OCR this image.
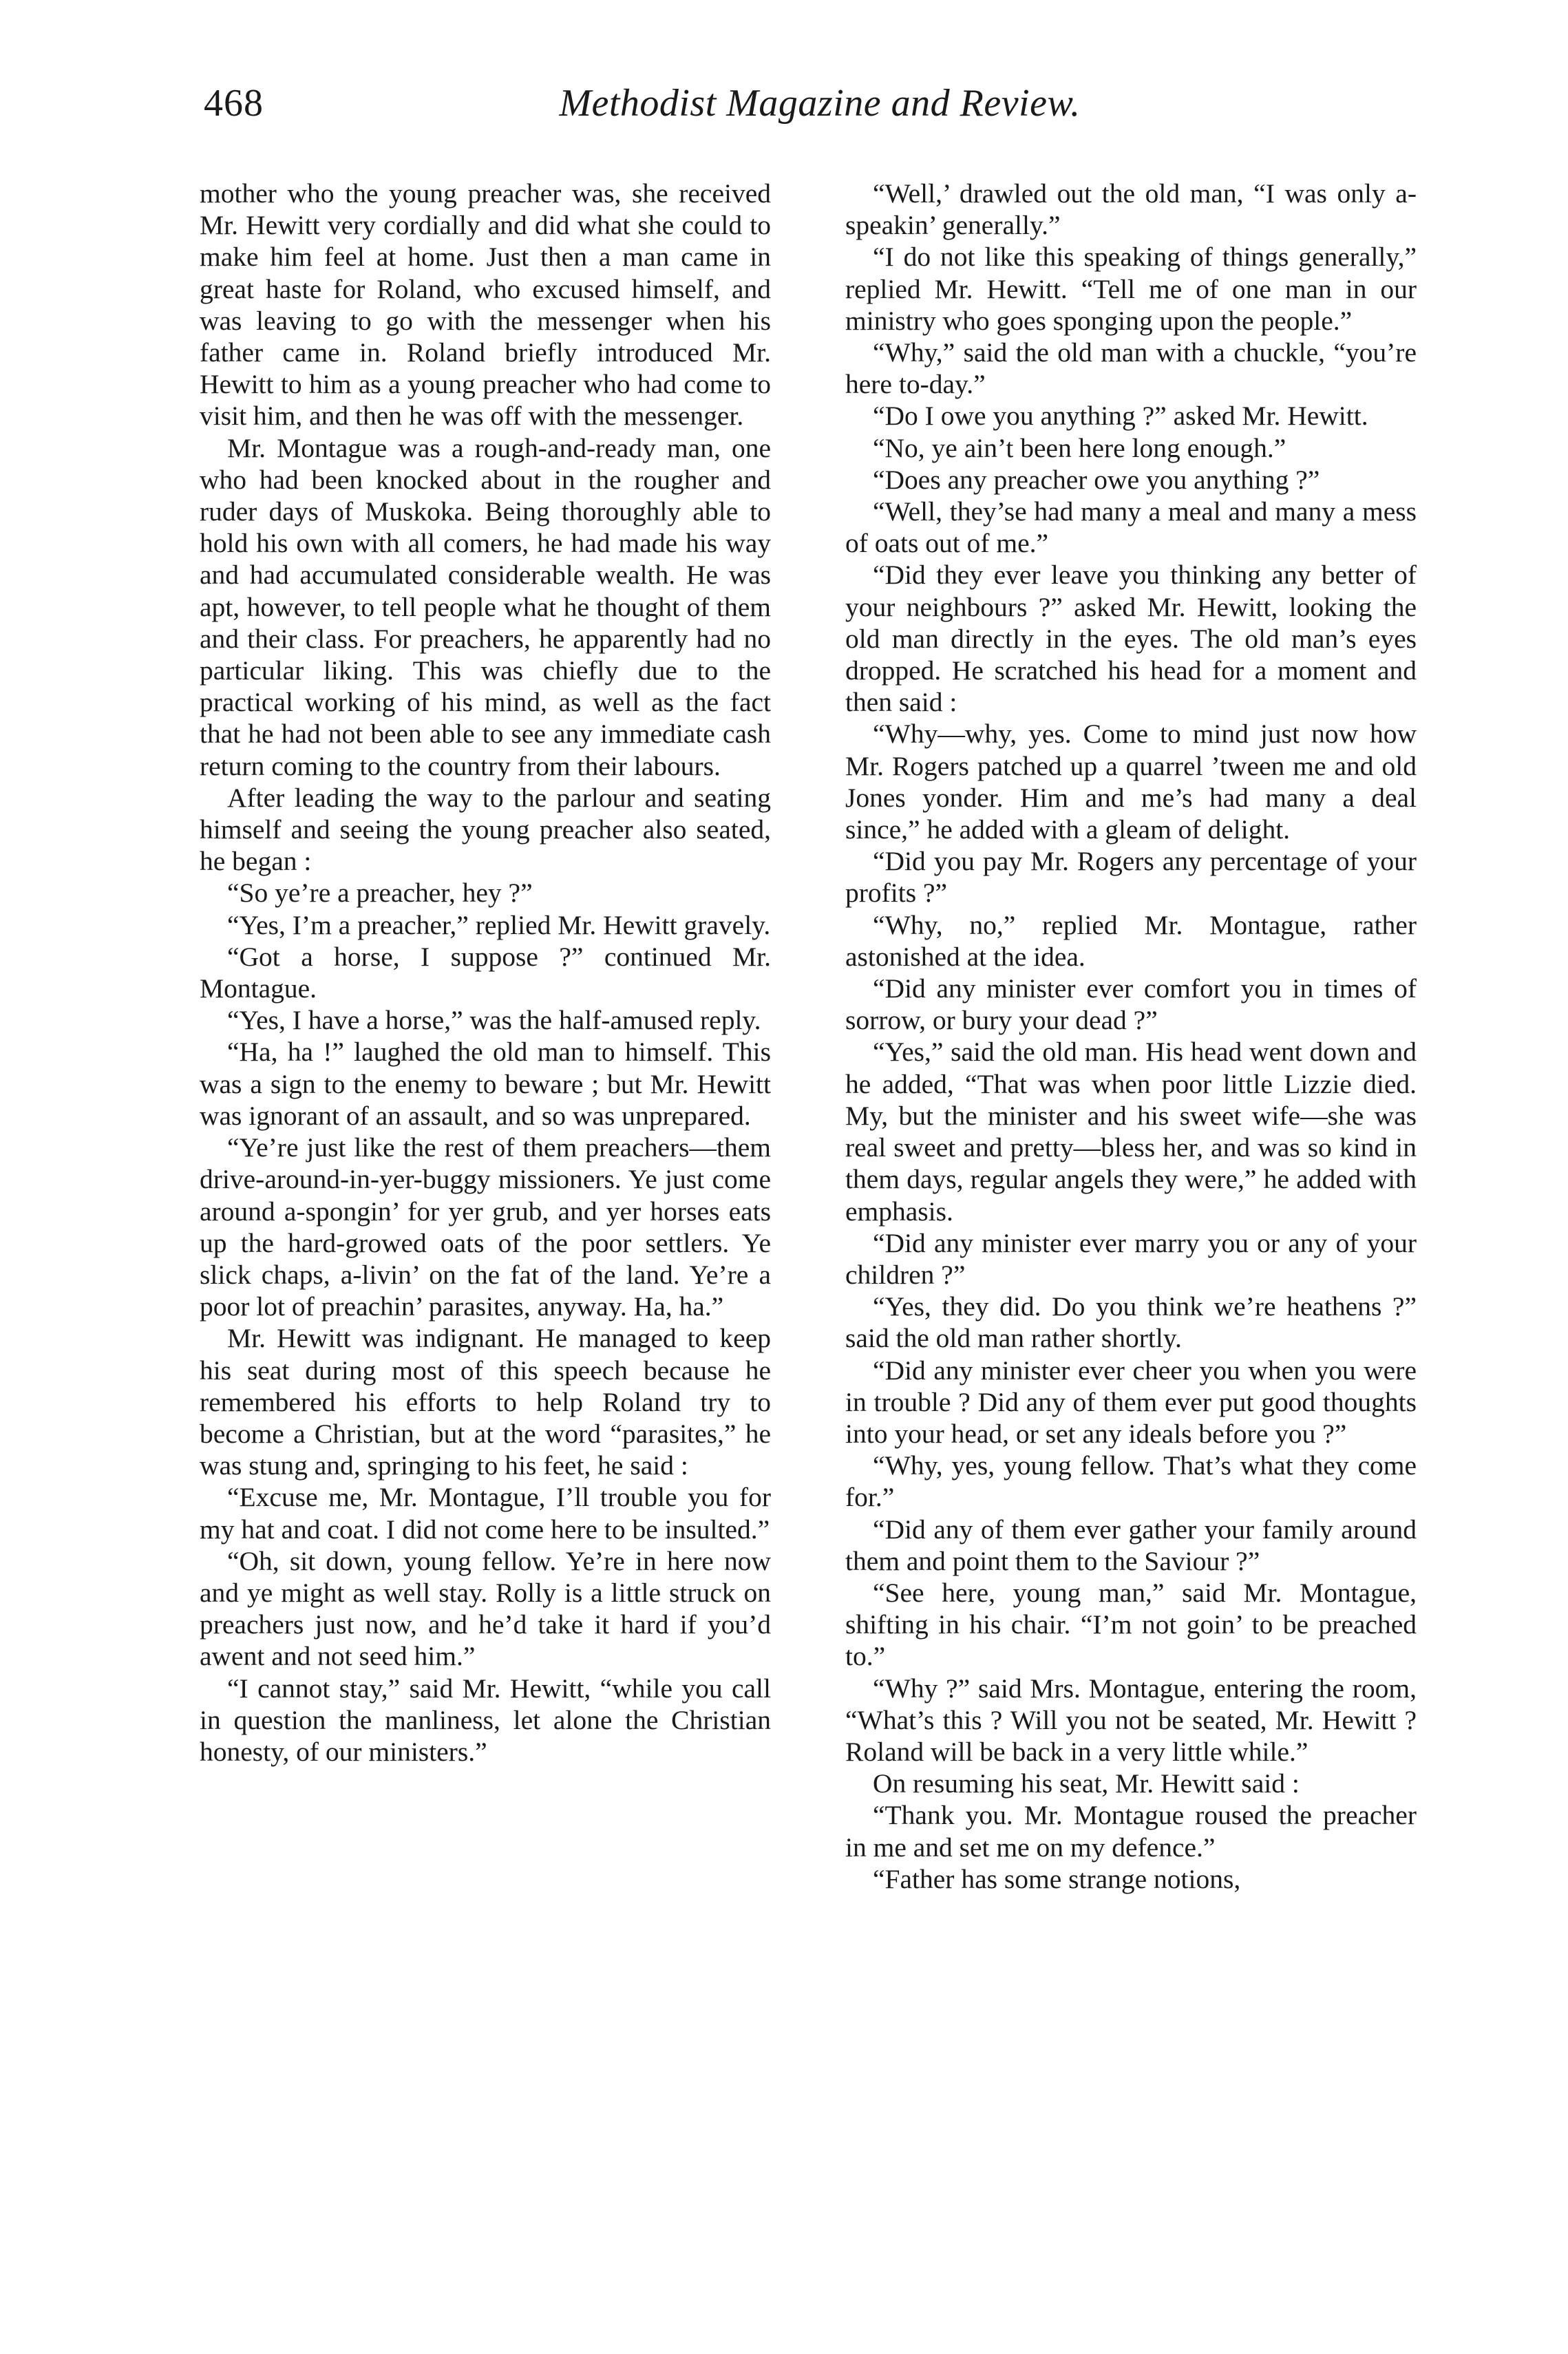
468	Methodist Magazine and Review.

mother who the young preacher was, she received Mr. Hewitt very cordially and did what she could to make him feel at home. Just then a man came in great haste for Roland, who excused himself, and was leaving to go with the messenger when his father came in. Roland briefly introduced Mr. Hewitt to him as a young preacher who had come to visit him, and then he was off with the messenger.

Mr. Montague was a rough-and-ready man, one who had been knocked about in the rougher and ruder days of Muskoka. Being thoroughly able to hold his own with all comers, he had made his way and had accumulated considerable wealth. He was apt, however, to tell people what he thought of them and their class. For preachers, he apparently had no particular liking. This was chiefly due to the practical working of his mind, as well as the fact that he had not been able to see any immediate cash return coming to the country from their labours.

After leading the way to the parlour and seating himself and seeing the young preacher also seated, he began :

“So ye’re a preacher, hey ?”

“Yes, I’m a preacher,” replied Mr. Hewitt gravely.

“Got a horse, I suppose ?” continued Mr. Montague.

“Yes, I have a horse,” was the half-amused reply.

“Ha, ha !” laughed the old man to himself. This was a sign to the enemy to beware ; but Mr. Hewitt was ignorant of an assault, and so was unprepared.

“Ye’re just like the rest of them preachers—them drive-around-in-yer-buggy missioners. Ye just come around a-spongin’ for yer grub, and yer horses eats up the hard-growed oats of the poor settlers. Ye slick chaps, a-livin’ on the fat of the land. Ye’re a poor lot of preachin’ parasites, anyway. Ha, ha.”

Mr. Hewitt was indignant. He managed to keep his seat during most of this speech because he remembered his efforts to help Roland try to become a Christian, but at the word “parasites,” he was stung and, springing to his feet, he said :

“Excuse me, Mr. Montague, I’ll trouble you for my hat and coat. I did not come here to be insulted.”

“Oh, sit down, young fellow. Ye’re in here now and ye might as well stay. Rolly is a little struck on preachers just now, and he’d take it hard if you’d awent and not seed him.”

“I cannot stay,” said Mr. Hewitt, “while you call in question the manliness, let alone the Christian honesty, of our ministers.”

“Well,’ drawled out the old man, “I was only a-speakin’ generally.”

“I do not like this speaking of things generally,” replied Mr. Hewitt. “Tell me of one man in our ministry who goes sponging upon the people.”

“Why,” said the old man with a chuckle, “you’re here to-day.”

“Do I owe you anything ?” asked Mr. Hewitt.

“No, ye ain’t been here long enough.”

“Does any preacher owe you anything ?”

“Well, they’se had many a meal and many a mess of oats out of me.”

“Did they ever leave you thinking any better of your neighbours ?” asked Mr. Hewitt, looking the old man directly in the eyes. The old man’s eyes dropped. He scratched his head for a moment and then said :

“Why—why, yes. Come to mind just now how Mr. Rogers patched up a quarrel ’tween me and old Jones yonder. Him and me’s had many a deal since,” he added with a gleam of delight.

“Did you pay Mr. Rogers any percentage of your profits ?”

“Why, no,” replied Mr. Montague, rather astonished at the idea.

“Did any minister ever comfort you in times of sorrow, or bury your dead ?”

“Yes,” said the old man. His head went down and he added, “That was when poor little Lizzie died. My, but the minister and his sweet wife—she was real sweet and pretty—bless her, and was so kind in them days, regular angels they were,” he added with emphasis.

“Did any minister ever marry you or any of your children ?”

“Yes, they did. Do you think we’re heathens ?” said the old man rather shortly.

“Did any minister ever cheer you when you were in trouble ? Did any of them ever put good thoughts into your head, or set any ideals before you ?”

“Why, yes, young fellow. That’s what they come for.”

“Did any of them ever gather your family around them and point them to the Saviour ?”

“See here, young man,” said Mr. Montague, shifting in his chair. “I’m not goin’ to be preached to.”

“Why ?” said Mrs. Montague, entering the room, “What’s this ? Will you not be seated, Mr. Hewitt ? Roland will be back in a very little while.”

On resuming his seat, Mr. Hewitt said :

“Thank you. Mr. Montague roused the preacher in me and set me on my defence.”

“Father has some strange notions,
